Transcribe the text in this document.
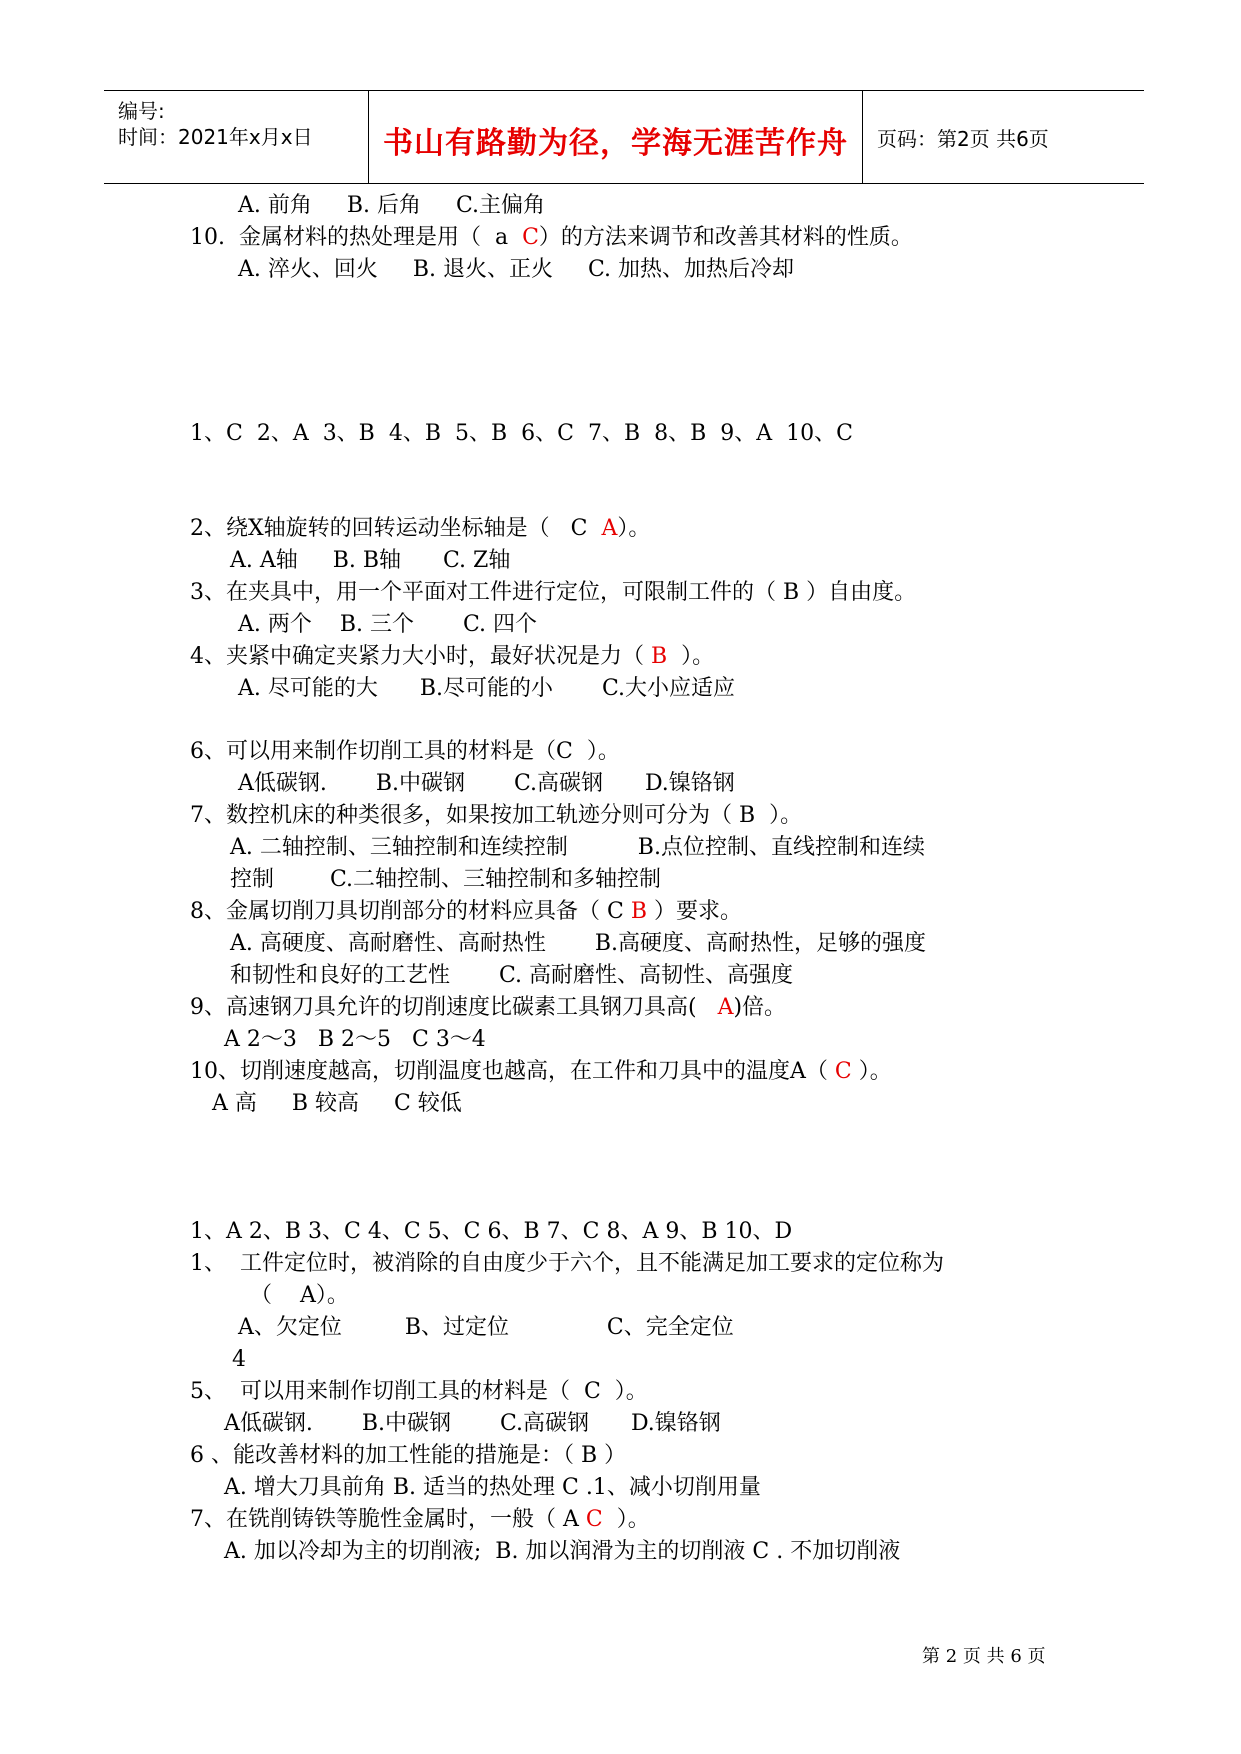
编号:
时间：2021年x月x日	书山有路勤为径，学海无涯苦作舟	页码：第2页 共6页
A. 前角     B. 后角     C.主偏角
10.  金属材料的热处理是用（  a  C）的方法来调节和改善其材料的性质。
A. 淬火、回火     B. 退火、正火     C. 加热、加热后冷却
1、C  2、A  3、B  4、B  5、B  6、C  7、B  8、B  9、A  10、C
2、绕X轴旋转的回转运动坐标轴是（   C  A）。
A. A轴     B. B轴      C. Z轴
3、在夹具中，用一个平面对工件进行定位，可限制工件的（ B ）自由度。
A. 两个    B. 三个       C. 四个
4、夹紧中确定夹紧力大小时，最好状况是力（ B  ）。
A. 尽可能的大      B.尽可能的小       C.大小应适应
6、可以用来制作切削工具的材料是（C  ）。
A低碳钢.       B.中碳钢       C.高碳钢      D.镍铬钢
7、数控机床的种类很多，如果按加工轨迹分则可分为（ B  ）。
A. 二轴控制、三轴控制和连续控制          B.点位控制、直线控制和连续
控制        C.二轴控制、三轴控制和多轴控制
8、金属切削刀具切削部分的材料应具备（ C B ）要求。
A. 高硬度、高耐磨性、高耐热性       B.高硬度、高耐热性，足够的强度
和韧性和良好的工艺性       C. 高耐磨性、高韧性、高强度
9、高速钢刀具允许的切削速度比碳素工具钢刀具高(   A)倍。
A 2～3   B 2～5   C 3～4
10、切削速度越高，切削温度也越高，在工件和刀具中的温度A（ C ）。
A 高     B 较高     C 较低
1、A 2、B 3、C 4、C 5、C 6、B 7、C 8、A 9、B 10、D
1、  工件定位时，被消除的自由度少于六个，且不能满足加工要求的定位称为
（    A）。
A、欠定位         B、过定位              C、完全定位
4
5、  可以用来制作切削工具的材料是（  C  ）。
A低碳钢.       B.中碳钢       C.高碳钢      D.镍铬钢
6 、能改善材料的加工性能的措施是：（ B ）
A. 增大刀具前角 B. 适当的热处理 C .1、减小切削用量
7、在铣削铸铁等脆性金属时，一般（ A C  ）。
A. 加以冷却为主的切削液;  B. 加以润滑为主的切削液 C . 不加切削液
第 2 页 共 6 页
